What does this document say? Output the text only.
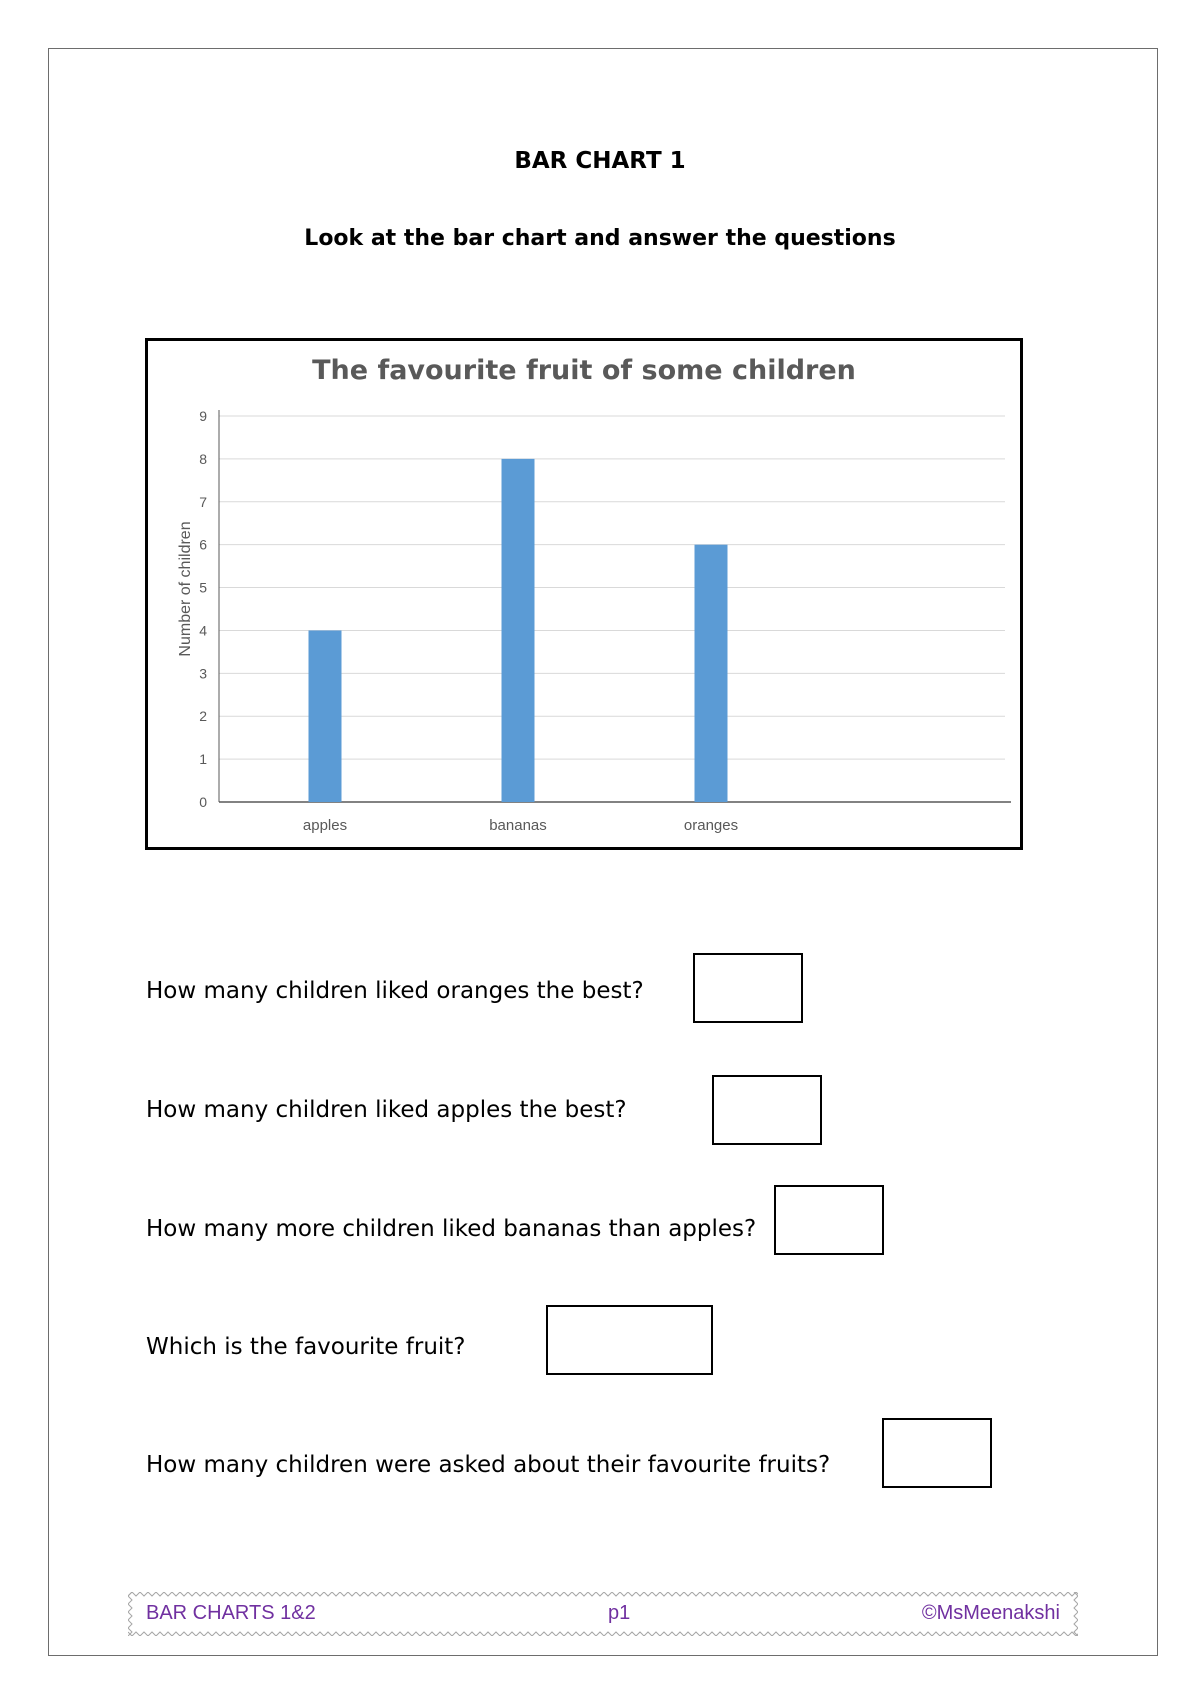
BAR CHART 1
Look at the bar chart and answer the questions
The favourite fruit of some children
0
1
2
3
4
5
6
7
8
9
apples	bananas	oranges
Number of children
How many children liked oranges the best?
How many children liked apples the best?
How many more children liked bananas than apples?
Which is the favourite fruit?
How many children were asked about their favourite fruits?
BAR CHARTS 1&2	p1	©MsMeenakshi
